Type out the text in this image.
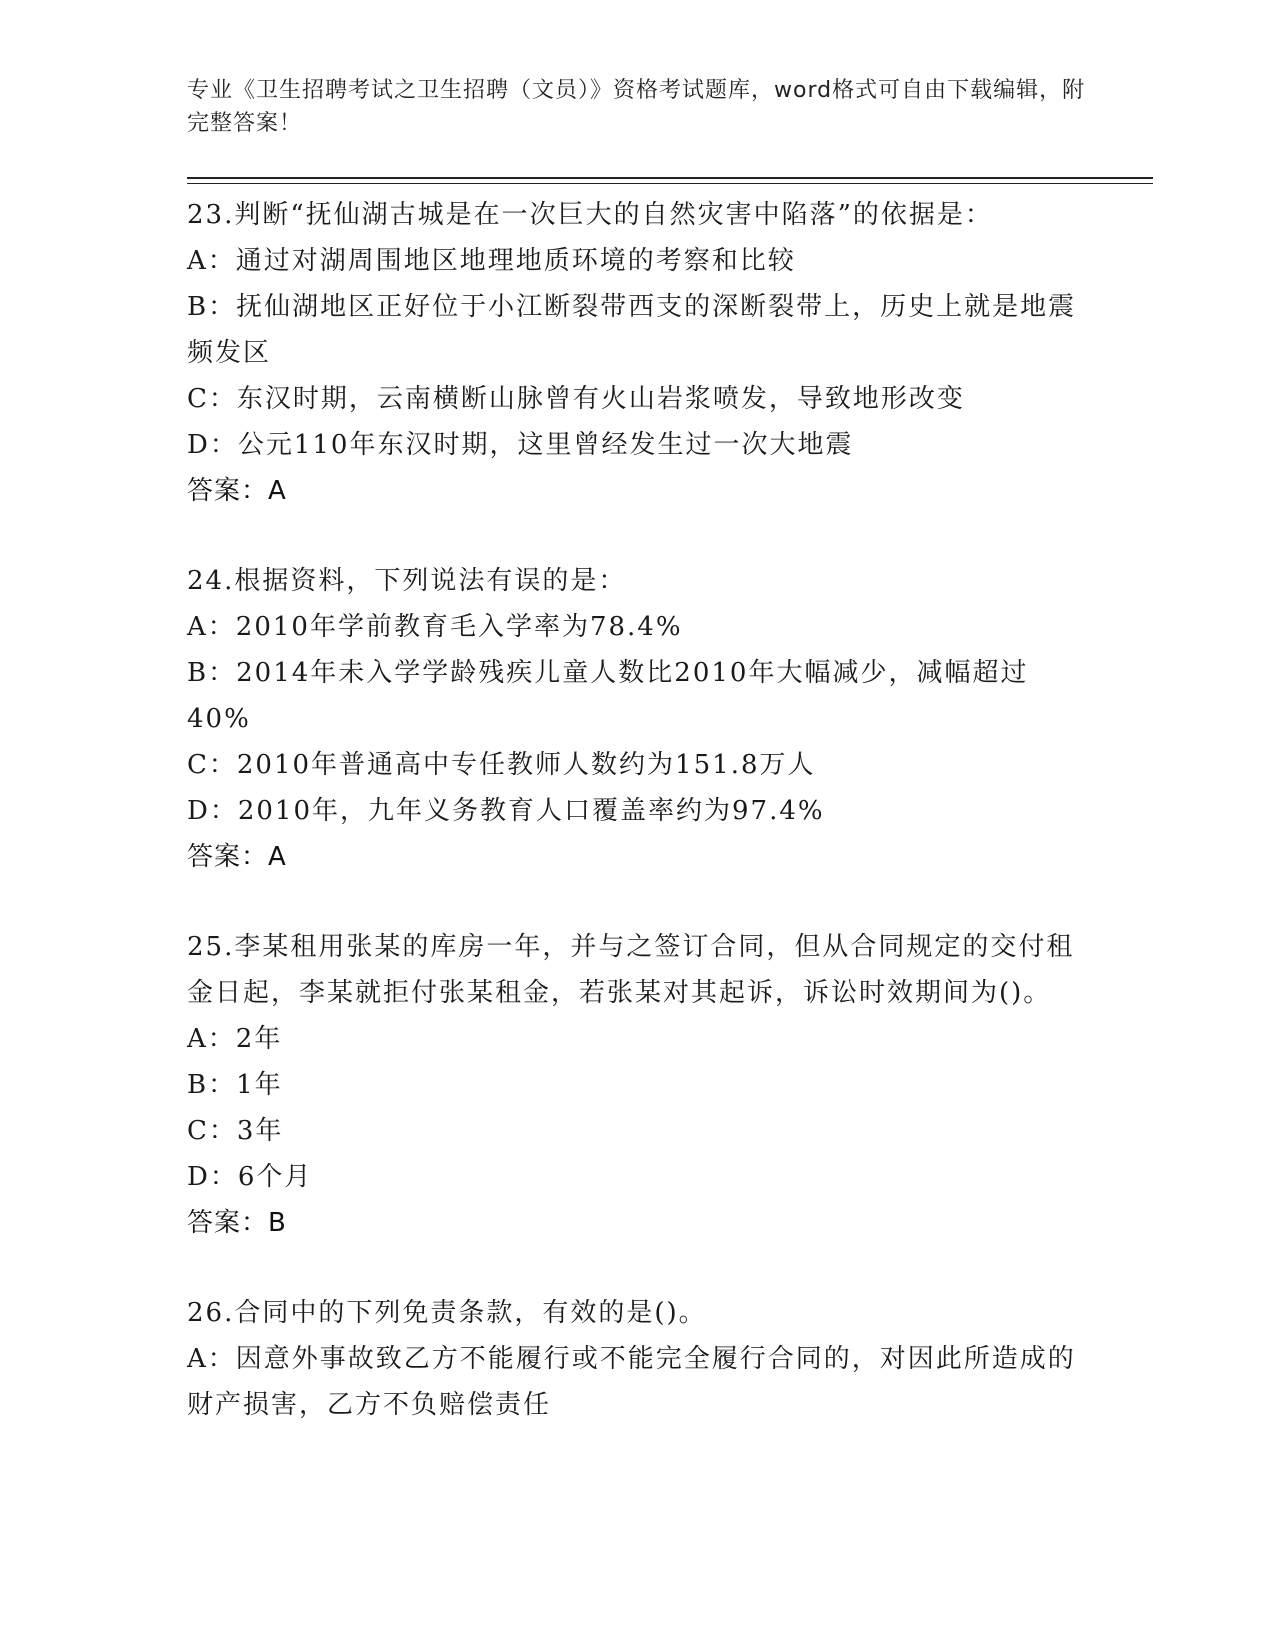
专业《卫生招聘考试之卫生招聘（文员）》资格考试题库，word格式可自由下载编辑，附完整答案！
23.判断“抚仙湖古城是在一次巨大的自然灾害中陷落”的依据是：
A：通过对湖周围地区地理地质环境的考察和比较
B：抚仙湖地区正好位于小江断裂带西支的深断裂带上，历史上就是地震频发区
C：东汉时期，云南横断山脉曾有火山岩浆喷发，导致地形改变
D：公元110年东汉时期，这里曾经发生过一次大地震
答案：A
24.根据资料，下列说法有误的是：
A：2010年学前教育毛入学率为78.4%
B：2014年未入学学龄残疾儿童人数比2010年大幅减少，减幅超过40%
C：2010年普通高中专任教师人数约为151.8万人
D：2010年，九年义务教育人口覆盖率约为97.4%
答案：A
25.李某租用张某的库房一年，并与之签订合同，但从合同规定的交付租金日起，李某就拒付张某租金，若张某对其起诉，诉讼时效期间为()。
A：2年
B：1年
C：3年
D：6个月
答案：B
26.合同中的下列免责条款，有效的是()。
A：因意外事故致乙方不能履行或不能完全履行合同的，对因此所造成的财产损害，乙方不负赔偿责任
